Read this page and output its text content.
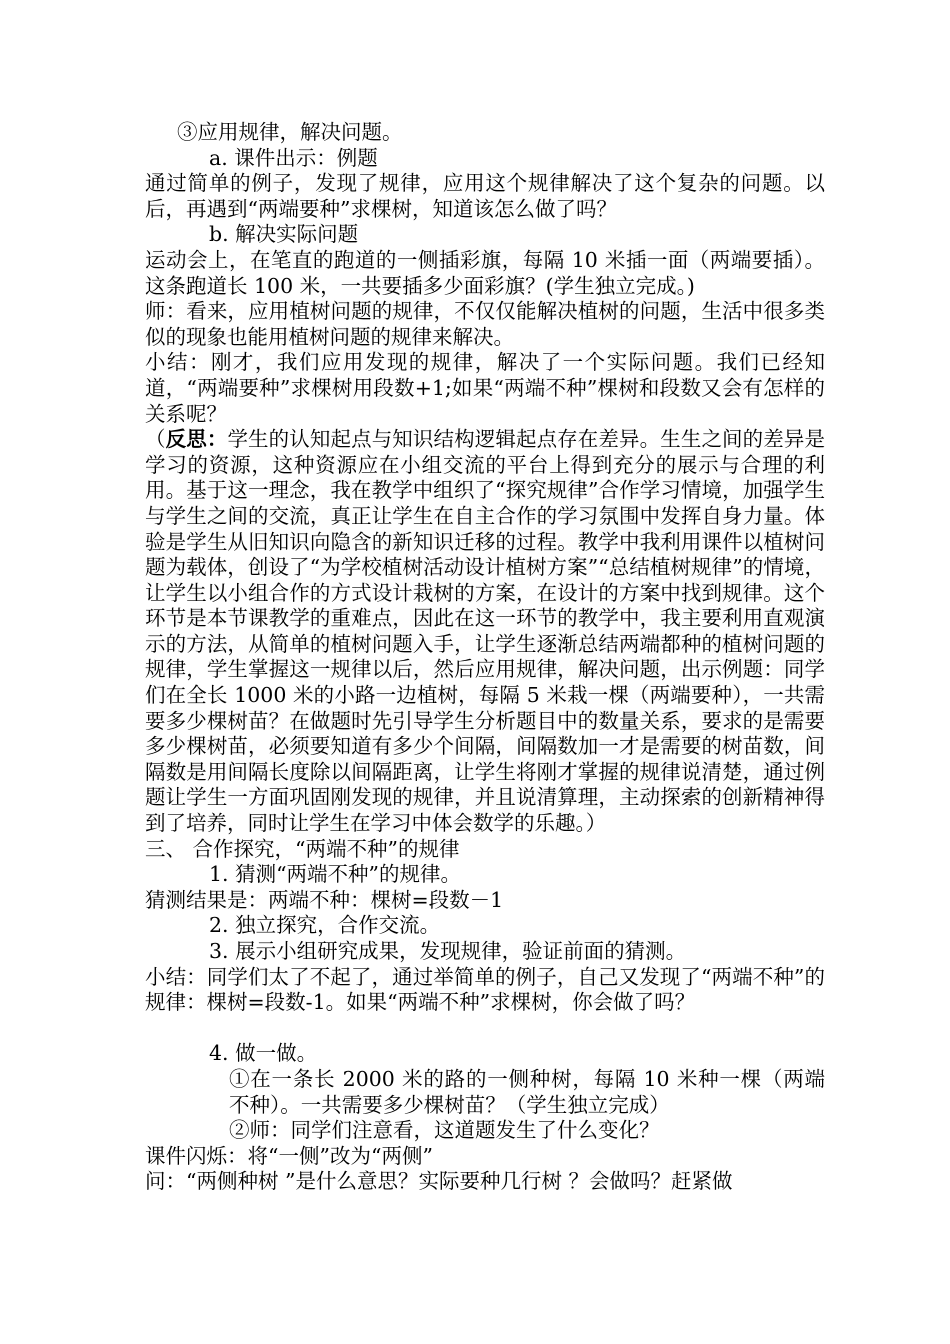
③应用规律，解决问题。

a. 课件出示：例题

通过简单的例子，发现了规律，应用这个规律解决了这个复杂的问题。以后，再遇到“两端要种”求棵树，知道该怎么做了吗？

b. 解决实际问题

运动会上，在笔直的跑道的一侧插彩旗，每隔 10 米插一面（两端要插）。这条跑道长 100 米，一共要插多少面彩旗？(学生独立完成。)

师：看来，应用植树问题的规律，不仅仅能解决植树的问题，生活中很多类似的现象也能用植树问题的规律来解决。

小结：刚才，我们应用发现的规律，解决了一个实际问题。我们已经知道，“两端要种”求棵树用段数+1;如果“两端不种”棵树和段数又会有怎样的关系呢？

（反思：学生的认知起点与知识结构逻辑起点存在差异。生生之间的差异是学习的资源，这种资源应在小组交流的平台上得到充分的展示与合理的利用。基于这一理念，我在教学中组织了“探究规律”合作学习情境，加强学生与学生之间的交流，真正让学生在自主合作的学习氛围中发挥自身力量。体验是学生从旧知识向隐含的新知识迁移的过程。教学中我利用课件以植树问题为载体，创设了“为学校植树活动设计植树方案”“总结植树规律”的情境，让学生以小组合作的方式设计栽树的方案，在设计的方案中找到规律。这个环节是本节课教学的重难点，因此在这一环节的教学中，我主要利用直观演示的方法，从简单的植树问题入手，让学生逐渐总结两端都种的植树问题的规律，学生掌握这一规律以后，然后应用规律，解决问题，出示例题：同学们在全长 1000 米的小路一边植树，每隔 5 米栽一棵（两端要种），一共需要多少棵树苗？在做题时先引导学生分析题目中的数量关系，要求的是需要多少棵树苗，必须要知道有多少个间隔，间隔数加一才是需要的树苗数，间隔数是用间隔长度除以间隔距离，让学生将刚才掌握的规律说清楚，通过例题让学生一方面巩固刚发现的规律，并且说清算理，主动探索的创新精神得到了培养，同时让学生在学习中体会数学的乐趣。）

三、 合作探究，“两端不种”的规律

1. 猜测“两端不种”的规律。

猜测结果是：两端不种：棵树=段数－1

2. 独立探究，合作交流。

3. 展示小组研究成果，发现规律，验证前面的猜测。

小结：同学们太了不起了，通过举简单的例子，自己又发现了“两端不种”的规律：棵树=段数-1。如果“两端不种”求棵树，你会做了吗？

4. 做一做。

①在一条长 2000 米的路的一侧种树，每隔 10 米种一棵（两端不种）。一共需要多少棵树苗？（学生独立完成）

②师：同学们注意看，这道题发生了什么变化？

课件闪烁：将“一侧”改为“两侧”

问：“两侧种树 ”是什么意思？实际要种几行树 ？会做吗？赶紧做
